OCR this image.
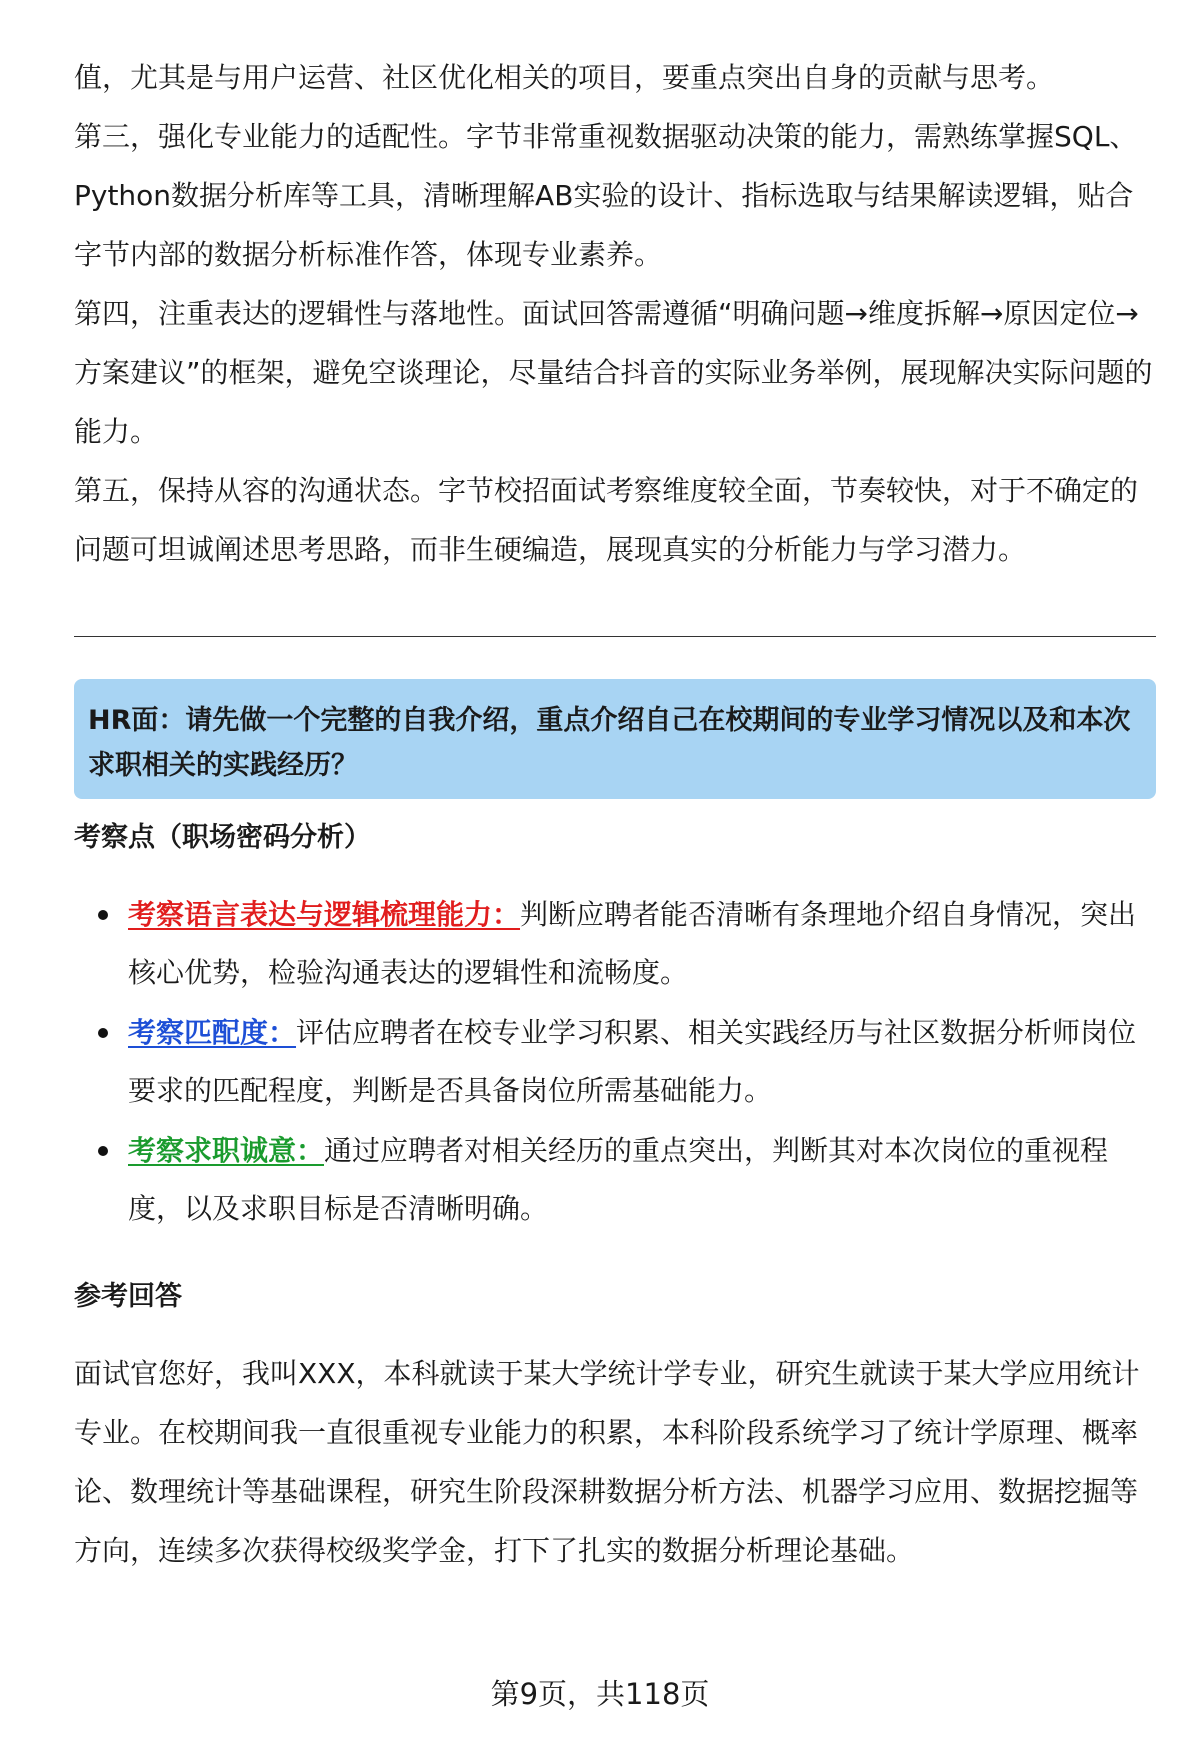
值，尤其是与用户运营、社区优化相关的项目，要重点突出自身的贡献与思考。

第三，强化专业能力的适配性。字节非常重视数据驱动决策的能力，需熟练掌握SQL、Python数据分析库等工具，清晰理解AB实验的设计、指标选取与结果解读逻辑，贴合字节内部的数据分析标准作答，体现专业素养。

第四，注重表达的逻辑性与落地性。面试回答需遵循“明确问题→维度拆解→原因定位→方案建议”的框架，避免空谈理论，尽量结合抖音的实际业务举例，展现解决实际问题的能力。

第五，保持从容的沟通状态。字节校招面试考察维度较全面，节奏较快，对于不确定的问题可坦诚阐述思考思路，而非生硬编造，展现真实的分析能力与学习潜力。

HR面：请先做一个完整的自我介绍，重点介绍自己在校期间的专业学习情况以及和本次求职相关的实践经历？

考察点（职场密码分析）
考察语言表达与逻辑梳理能力：判断应聘者能否清晰有条理地介绍自身情况，突出核心优势，检验沟通表达的逻辑性和流畅度。
考察匹配度：评估应聘者在校专业学习积累、相关实践经历与社区数据分析师岗位要求的匹配程度，判断是否具备岗位所需基础能力。
考察求职诚意：通过应聘者对相关经历的重点突出，判断其对本次岗位的重视程度，以及求职目标是否清晰明确。
参考回答

面试官您好，我叫XXX，本科就读于某大学统计学专业，研究生就读于某大学应用统计专业。在校期间我一直很重视专业能力的积累，本科阶段系统学习了统计学原理、概率论、数理统计等基础课程，研究生阶段深耕数据分析方法、机器学习应用、数据挖掘等方向，连续多次获得校级奖学金，打下了扎实的数据分析理论基础。

第9页，共118页
